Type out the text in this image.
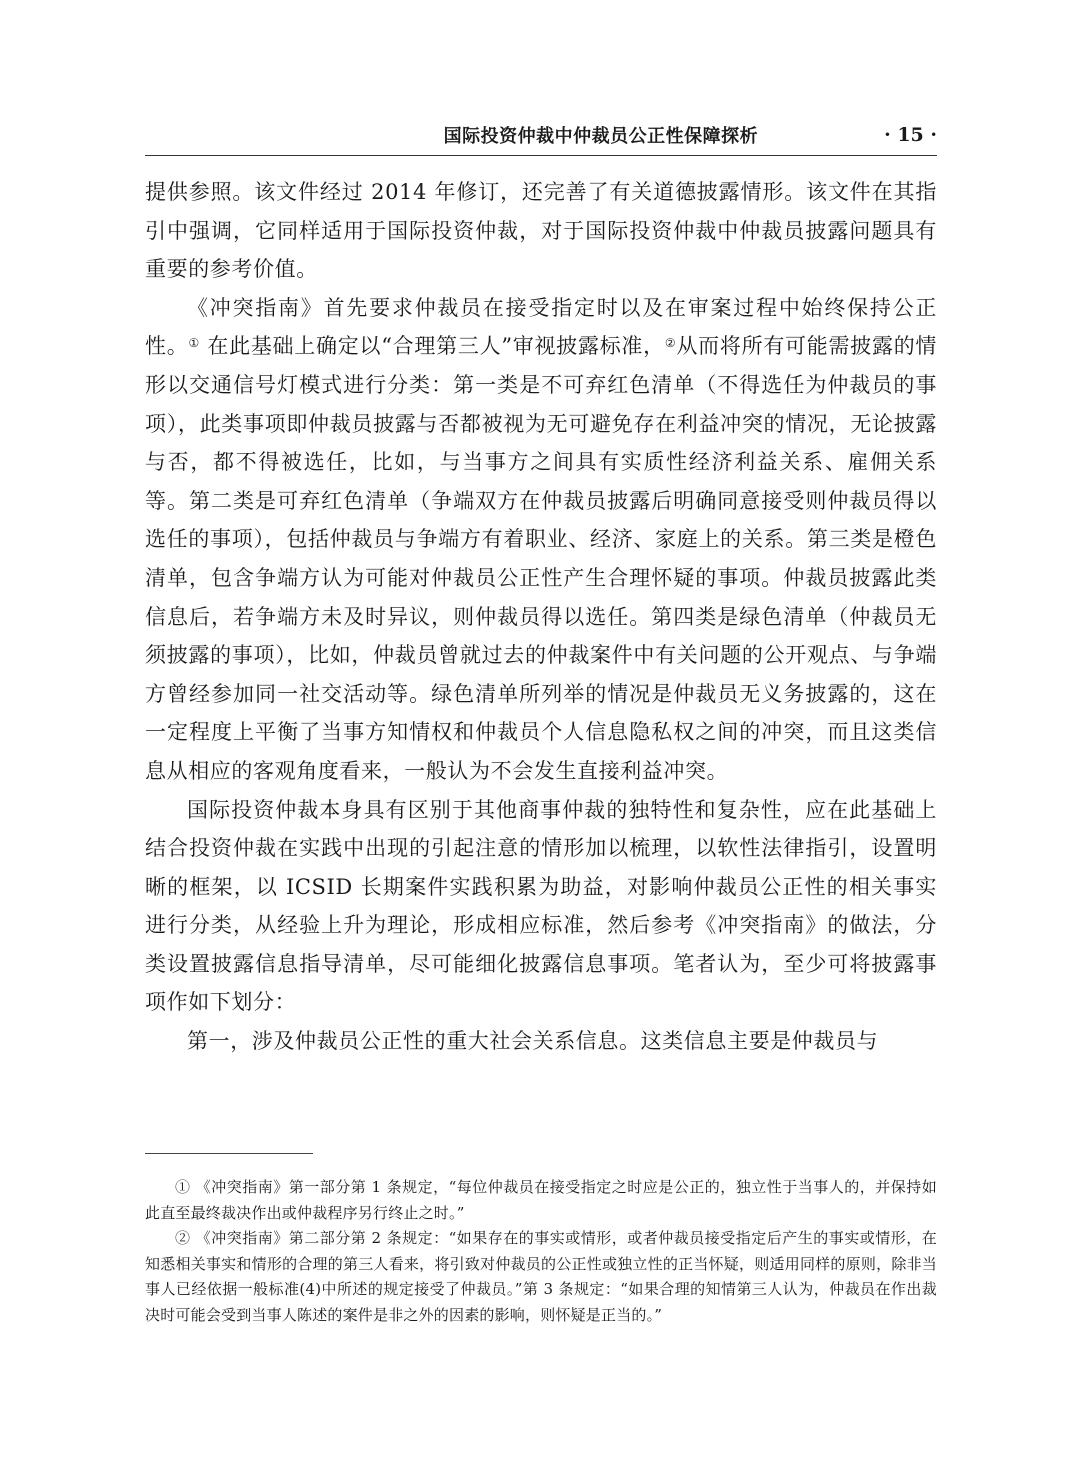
国际投资仲裁中仲裁员公正性保障探析	· 15 ·

提供参照。该文件经过 2014 年修订，还完善了有关道德披露情形。该文件在其指引中强调，它同样适用于国际投资仲裁，对于国际投资仲裁中仲裁员披露问题具有重要的参考价值。

《冲突指南》首先要求仲裁员在接受指定时以及在审案过程中始终保持公正性。① 在此基础上确定以“合理第三人”审视披露标准，②从而将所有可能需披露的情形以交通信号灯模式进行分类：第一类是不可弃红色清单（不得选任为仲裁员的事项），此类事项即仲裁员披露与否都被视为无可避免存在利益冲突的情况，无论披露与否，都不得被选任，比如，与当事方之间具有实质性经济利益关系、雇佣关系等。第二类是可弃红色清单（争端双方在仲裁员披露后明确同意接受则仲裁员得以选任的事项），包括仲裁员与争端方有着职业、经济、家庭上的关系。第三类是橙色清单，包含争端方认为可能对仲裁员公正性产生合理怀疑的事项。仲裁员披露此类信息后，若争端方未及时异议，则仲裁员得以选任。第四类是绿色清单（仲裁员无须披露的事项），比如，仲裁员曾就过去的仲裁案件中有关问题的公开观点、与争端方曾经参加同一社交活动等。绿色清单所列举的情况是仲裁员无义务披露的，这在一定程度上平衡了当事方知情权和仲裁员个人信息隐私权之间的冲突，而且这类信息从相应的客观角度看来，一般认为不会发生直接利益冲突。

国际投资仲裁本身具有区别于其他商事仲裁的独特性和复杂性，应在此基础上结合投资仲裁在实践中出现的引起注意的情形加以梳理，以软性法律指引，设置明晰的框架，以 ICSID 长期案件实践积累为助益，对影响仲裁员公正性的相关事实进行分类，从经验上升为理论，形成相应标准，然后参考《冲突指南》的做法，分类设置披露信息指导清单，尽可能细化披露信息事项。笔者认为，至少可将披露事项作如下划分：

第一，涉及仲裁员公正性的重大社会关系信息。这类信息主要是仲裁员与

① 《冲突指南》第一部分第 1 条规定，“每位仲裁员在接受指定之时应是公正的，独立性于当事人的，并保持如此直至最终裁决作出或仲裁程序另行终止之时。”

② 《冲突指南》第二部分第 2 条规定：“如果存在的事实或情形，或者仲裁员接受指定后产生的事实或情形，在知悉相关事实和情形的合理的第三人看来，将引致对仲裁员的公正性或独立性的正当怀疑，则适用同样的原则，除非当事人已经依据一般标准(4)中所述的规定接受了仲裁员。”第 3 条规定：“如果合理的知情第三人认为，仲裁员在作出裁决时可能会受到当事人陈述的案件是非之外的因素的影响，则怀疑是正当的。”
